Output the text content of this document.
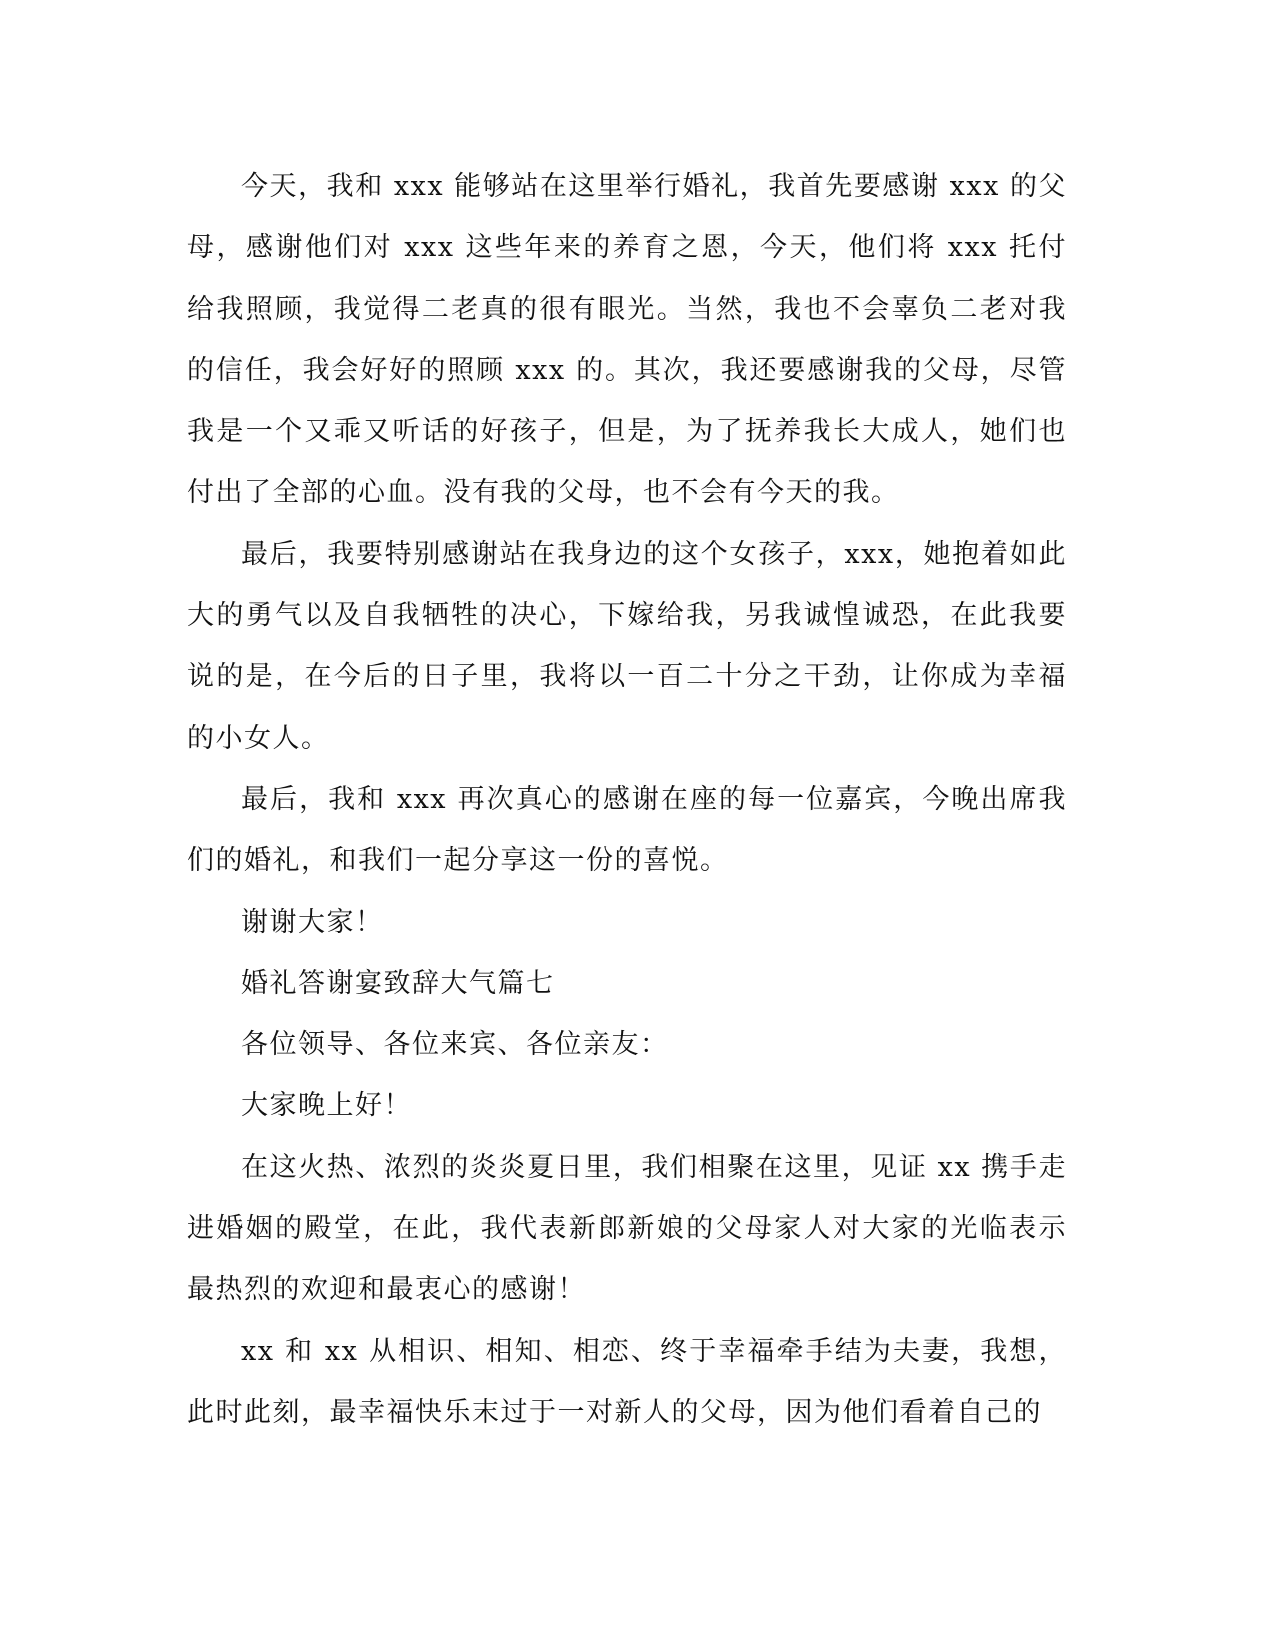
今天，我和 xxx 能够站在这里举行婚礼，我首先要感谢 xxx 的父母，感谢他们对 xxx 这些年来的养育之恩，今天，他们将 xxx 托付给我照顾，我觉得二老真的很有眼光。当然，我也不会辜负二老对我的信任，我会好好的照顾 xxx 的。其次，我还要感谢我的父母，尽管我是一个又乖又听话的好孩子，但是，为了抚养我长大成人，她们也付出了全部的心血。没有我的父母，也不会有今天的我。

最后，我要特别感谢站在我身边的这个女孩子，xxx，她抱着如此大的勇气以及自我牺牲的决心，下嫁给我，另我诚惶诚恐，在此我要说的是，在今后的日子里，我将以一百二十分之干劲，让你成为幸福的小女人。

最后，我和 xxx 再次真心的感谢在座的每一位嘉宾，今晚出席我们的婚礼，和我们一起分享这一份的喜悦。

谢谢大家！

婚礼答谢宴致辞大气篇七

各位领导、各位来宾、各位亲友：

大家晚上好！

在这火热、浓烈的炎炎夏日里，我们相聚在这里，见证 xx 携手走进婚姻的殿堂，在此，我代表新郎新娘的父母家人对大家的光临表示最热烈的欢迎和最衷心的感谢！

xx 和 xx 从相识、相知、相恋、终于幸福牵手结为夫妻，我想，此时此刻，最幸福快乐末过于一对新人的父母，因为他们看着自己的
